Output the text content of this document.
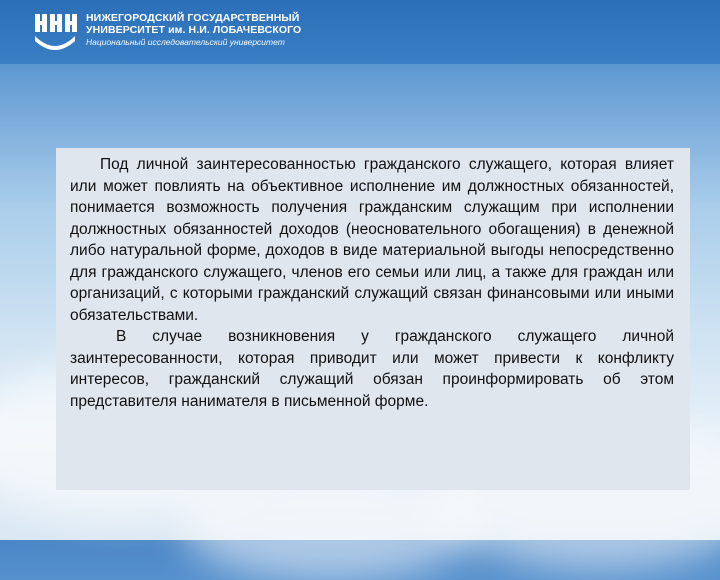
НИЖЕГОРОДСКИЙ ГОСУДАРСТВЕННЫЙ
УНИВЕРСИТЕТ им. Н.И. ЛОБАЧЕВСКОГО
Национальный исследовательский университет

Под личной заинтересованностью гражданского служащего, которая влияет или может повлиять на объективное исполнение им должностных обязанностей, понимается возможность получения гражданским служащим при исполнении должностных обязанностей доходов (неосновательного обогащения) в денежной либо натуральной форме, доходов в виде материальной выгоды непосредственно для гражданского служащего, членов его семьи или лиц, а также для граждан или организаций, с которыми гражданский служащий связан финансовыми или иными обязательствами.

В случае возникновения у гражданского служащего личной заинтересованности, которая приводит или может привести к конфликту интересов, гражданский служащий обязан проинформировать об этом представителя нанимателя в письменной форме.
